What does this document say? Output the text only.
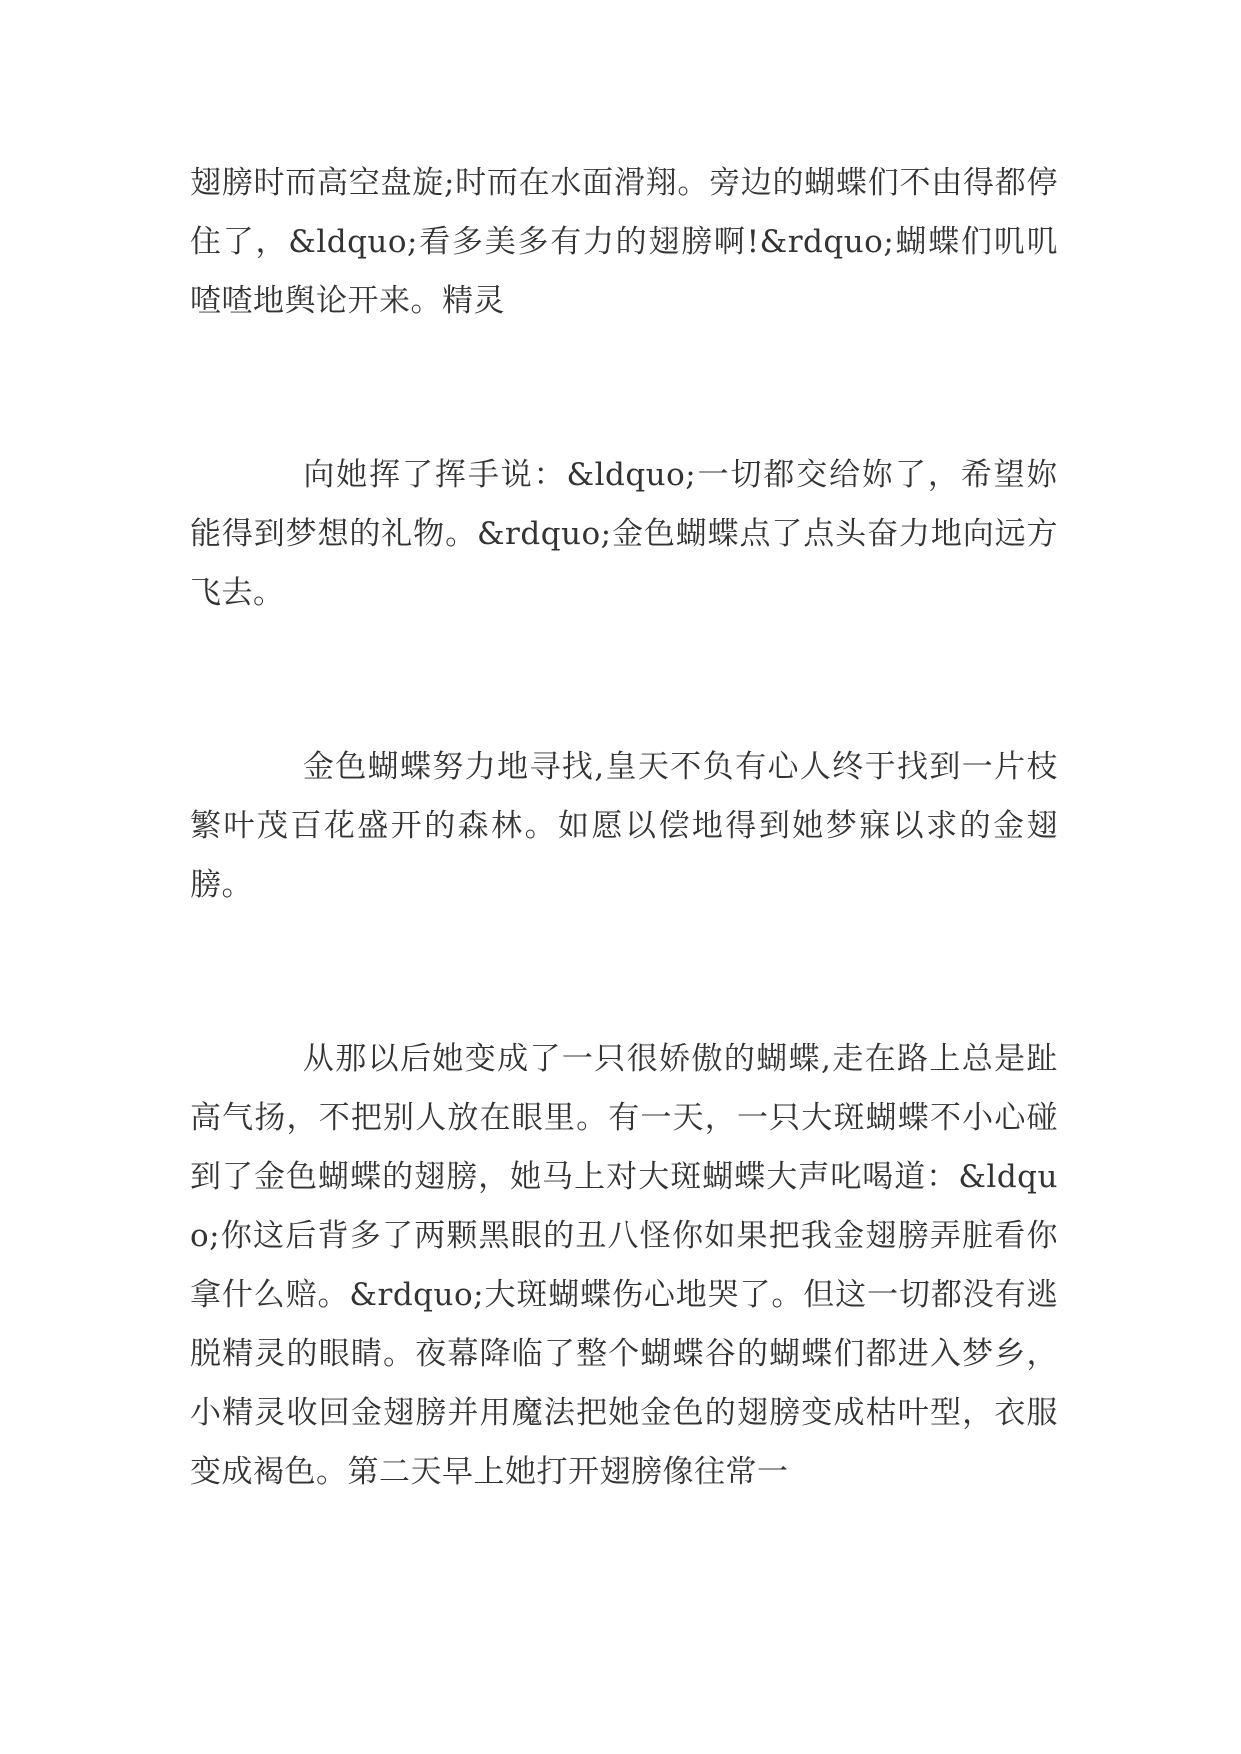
翅膀时而高空盘旋;时而在水面滑翔。旁边的蝴蝶们不由得都停住了，&ldquo;看多美多有力的翅膀啊!&rdquo;蝴蝶们叽叽喳喳地舆论开来。精灵

向她挥了挥手说：&ldquo;一切都交给妳了，希望妳能得到梦想的礼物。&rdquo;金色蝴蝶点了点头奋力地向远方飞去。

金色蝴蝶努力地寻找,皇天不负有心人终于找到一片枝繁叶茂百花盛开的森林。如愿以偿地得到她梦寐以求的金翅膀。

从那以后她变成了一只很娇傲的蝴蝶,走在路上总是趾高气扬，不把别人放在眼里。有一天，一只大斑蝴蝶不小心碰到了金色蝴蝶的翅膀，她马上对大斑蝴蝶大声叱喝道：&ldquo;你这后背多了两颗黑眼的丑八怪你如果把我金翅膀弄脏看你拿什么赔。&rdquo;大斑蝴蝶伤心地哭了。但这一切都没有逃脱精灵的眼睛。夜幕降临了整个蝴蝶谷的蝴蝶们都进入梦乡，小精灵收回金翅膀并用魔法把她金色的翅膀变成枯叶型，衣服变成褐色。第二天早上她打开翅膀像往常一
